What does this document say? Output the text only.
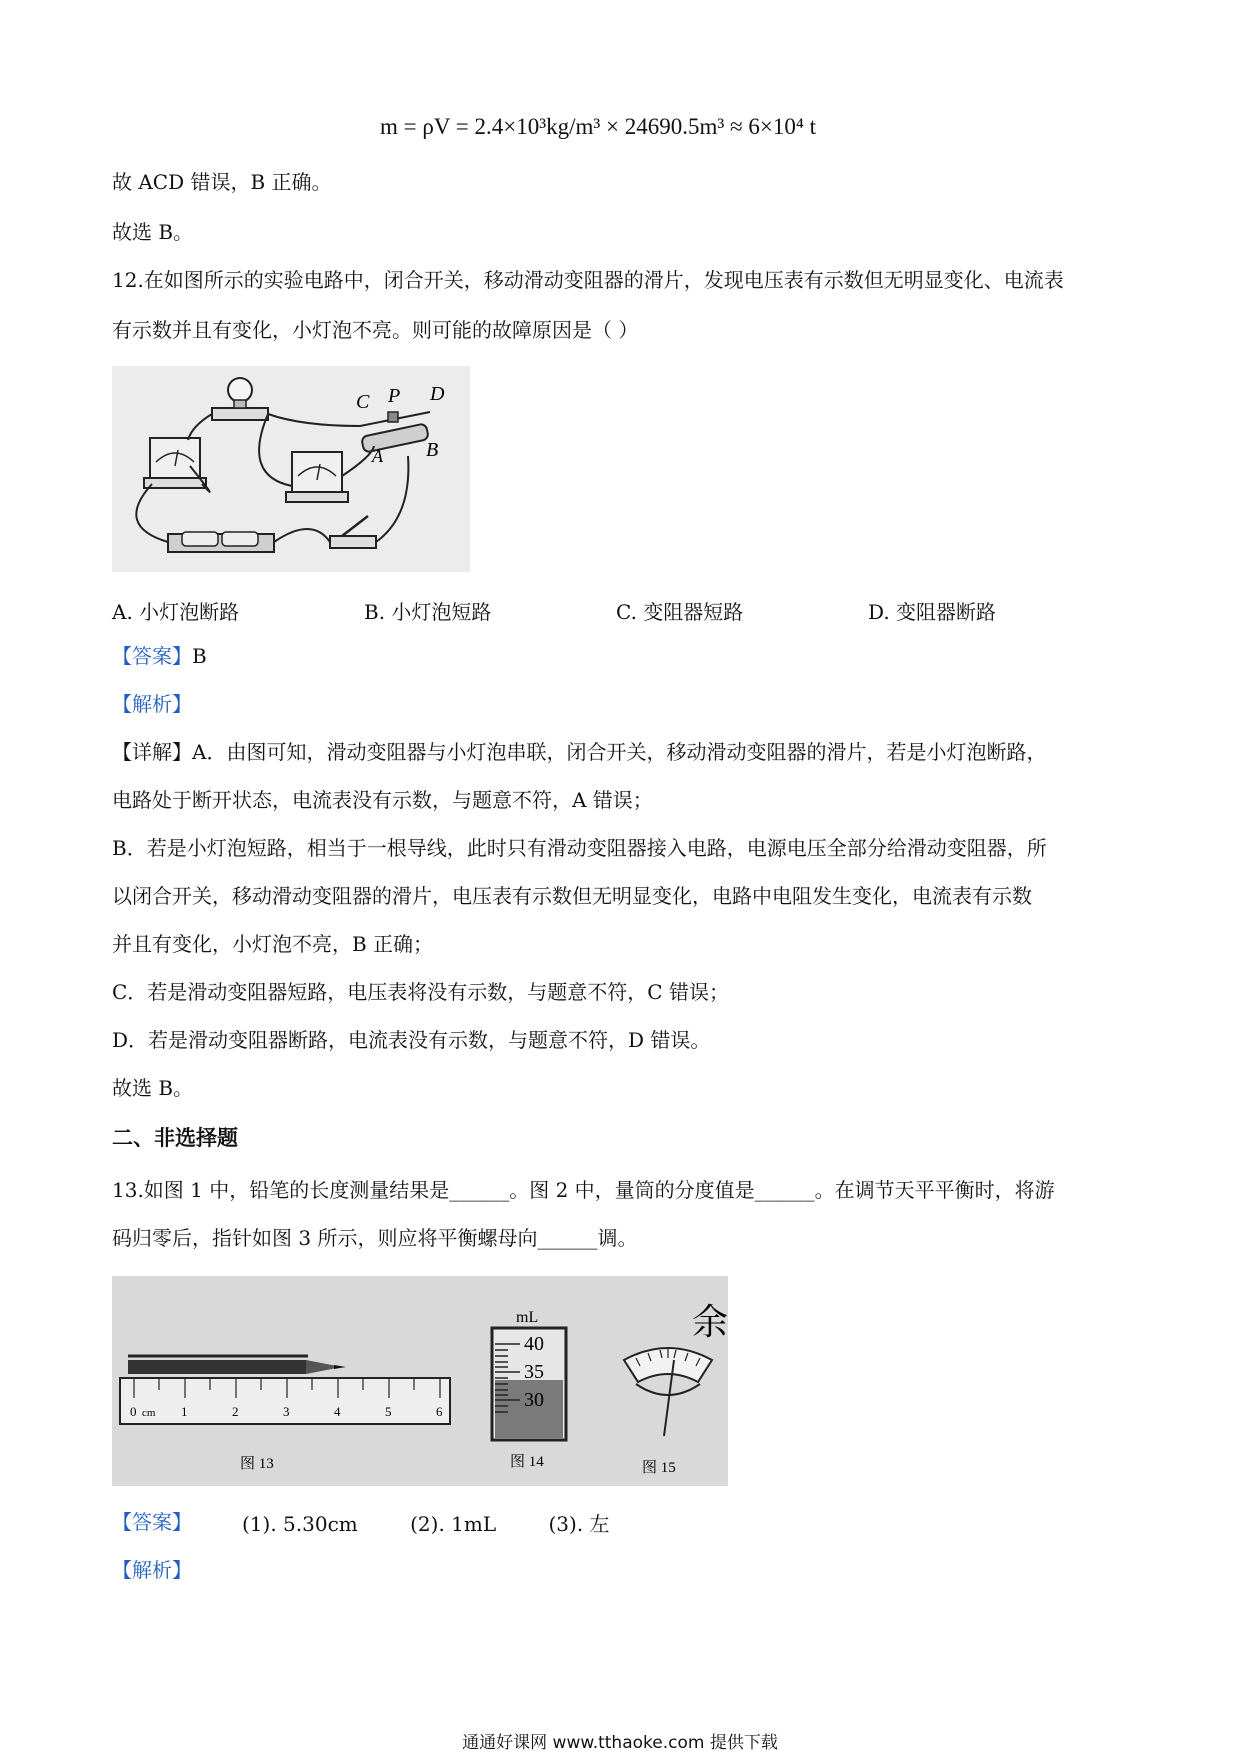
m = ρV = 2.4×10³kg/m³ × 24690.5m³ ≈ 6×10⁴ t
故 ACD 错误，B 正确。
故选 B。
12.在如图所示的实验电路中，闭合开关，移动滑动变阻器的滑片，发现电压表有示数但无明显变化、电流表
有示数并且有变化，小灯泡不亮。则可能的故障原因是（ ）
C P D
A B
A. 小灯泡断路	B. 小灯泡短路	C. 变阻器短路	D. 变阻器断路
【答案】B
【解析】
【详解】A．由图可知，滑动变阻器与小灯泡串联，闭合开关，移动滑动变阻器的滑片，若是小灯泡断路，
电路处于断开状态，电流表没有示数，与题意不符，A 错误；
B．若是小灯泡短路，相当于一根导线，此时只有滑动变阻器接入电路，电源电压全部分给滑动变阻器，所
以闭合开关，移动滑动变阻器的滑片，电压表有示数但无明显变化，电路中电阻发生变化，电流表有示数
并且有变化，小灯泡不亮，B 正确；
C．若是滑动变阻器短路，电压表将没有示数，与题意不符，C 错误；
D．若是滑动变阻器断路，电流表没有示数，与题意不符，D 错误。
故选 B。
二、非选择题
13.如图 1 中，铅笔的长度测量结果是______。图 2 中，量筒的分度值是______。在调节天平平衡时，将游
码归零后，指针如图 3 所示，则应将平衡螺母向______调。
0 cm 1	2	3	4	5	6
图 13
mL
40
35
30
图 14
余
图 15
【答案】	(1). 5.30cm	(2). 1mL	(3). 左
【解析】
通通好课网 www.tthaoke.com 提供下载
